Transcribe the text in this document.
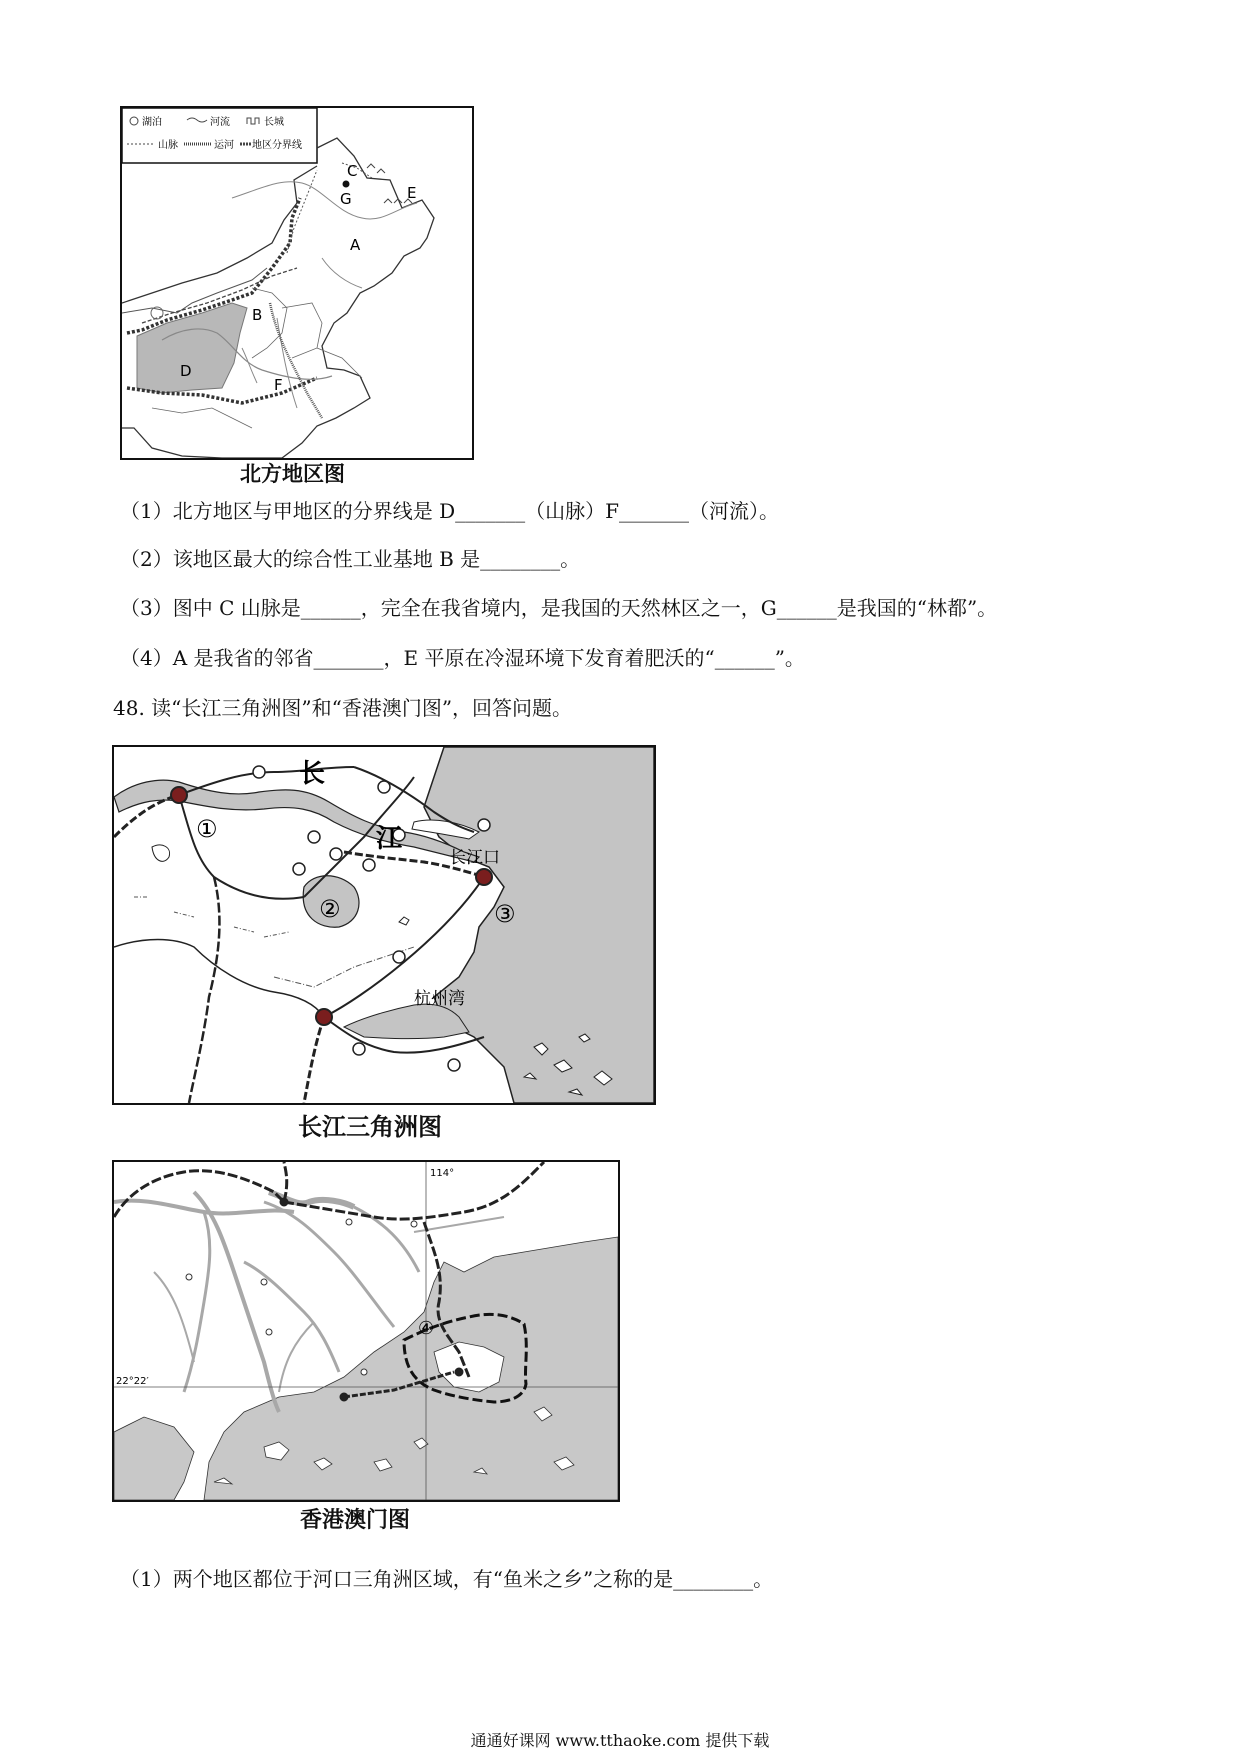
湖泊	河流	长城
山脉	运河 地区分界线
C
G	E
A
B
D
F
北方地区图
（1）北方地区与甲地区的分界线是 D_______（山脉）F_______（河流）。
（2）该地区最大的综合性工业基地 B 是________。
（3）图中 C 山脉是______，完全在我省境内，是我国的天然林区之一，G______是我国的“林都”。
（4）A 是我省的邻省_______，E 平原在冷湿环境下发育着肥沃的“______”。
48. 读“长江三角洲图”和“香港澳门图”，回答问题。
长
江
长江口
杭州湾
①
②	③
长江三角洲图
114°
22°22′
④
香港澳门图
（1）两个地区都位于河口三角洲区域，有“鱼米之乡”之称的是________。
通通好课网 www.tthaoke.com 提供下载
